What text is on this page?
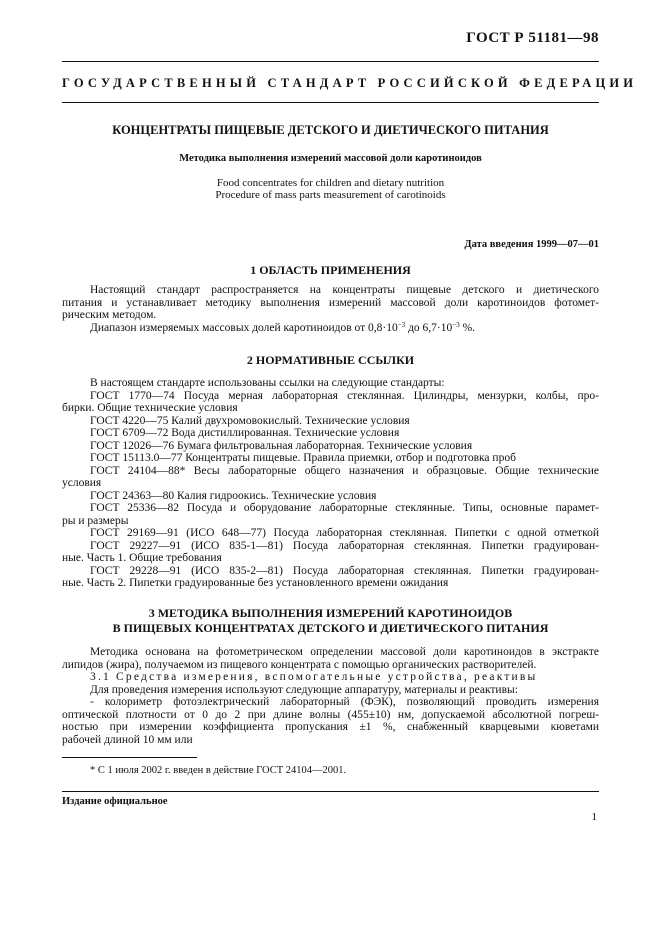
ГОСТ Р 51181—98
ГОСУДАРСТВЕННЫЙ СТАНДАРТ РОССИЙСКОЙ ФЕДЕРАЦИИ
КОНЦЕНТРАТЫ ПИЩЕВЫЕ ДЕТСКОГО И ДИЕТИЧЕСКОГО ПИТАНИЯ
Методика выполнения измерений массовой доли каротиноидов
Food concentrates for children and dietary nutrition
Procedure of mass parts measurement of carotinoids
Дата введения 1999—07—01
1 ОБЛАСТЬ ПРИМЕНЕНИЯ
Настоящий стандарт распространяется на концентраты пищевые детского и диетического
питания и устанавливает методику выполнения измерений массовой доли каротиноидов фотомет-
рическим методом.
Диапазон измеряемых массовых долей каротиноидов от $0,8\cdot 10^{-3}$ до $6,7\cdot 10^{-3}$ %.
2 НОРМАТИВНЫЕ ССЫЛКИ
В настоящем стандарте использованы ссылки на следующие стандарты:
ГОСТ 1770—74 Посуда мерная лабораторная стеклянная. Цилиндры, мензурки, колбы, про-
бирки. Общие технические условия
ГОСТ 4220—75 Калий двухромовокислый. Технические условия
ГОСТ 6709—72 Вода дистиллированная. Технические условия
ГОСТ 12026—76 Бумага фильтровальная лабораторная. Технические условия
ГОСТ 15113.0—77 Концентраты пищевые. Правила приемки, отбор и подготовка проб
ГОСТ 24104—88* Весы лабораторные общего назначения и образцовые. Общие технические
условия
ГОСТ 24363—80 Калия гидроокись. Технические условия
ГОСТ 25336—82 Посуда и оборудование лабораторные стеклянные. Типы, основные парамет-
ры и размеры
ГОСТ 29169—91 (ИСО 648—77) Посуда лабораторная стеклянная. Пипетки с одной отметкой
ГОСТ 29227—91 (ИСО 835-1—81) Посуда лабораторная стеклянная. Пипетки градуирован-
ные. Часть 1. Общие требования
ГОСТ 29228—91 (ИСО 835-2—81) Посуда лабораторная стеклянная. Пипетки градуирован-
ные. Часть 2. Пипетки градуированные без установленного времени ожидания
3 МЕТОДИКА ВЫПОЛНЕНИЯ ИЗМЕРЕНИЙ КАРОТИНОИДОВ
В ПИЩЕВЫХ КОНЦЕНТРАТАХ ДЕТСКОГО И ДИЕТИЧЕСКОГО ПИТАНИЯ
Методика основана на фотометрическом определении массовой доли каротиноидов в экстракте
липидов (жира), получаемом из пищевого концентрата с помощью органических растворителей.
3.1 Средства измерения, вспомогательные устройства, реактивы
Для проведения измерения используют следующие аппаратуру, материалы и реактивы:
- колориметр фотоэлектрический лабораторный (ФЭК), позволяющий проводить измерения
оптической плотности от 0 до 2 при длине волны (455±10) нм, допускаемой абсолютной погреш-
ностью при измерении коэффициента пропускания ±1 %, снабженный кварцевыми кюветами
рабочей длиной 10 мм или
* С 1 июля 2002 г. введен в действие ГОСТ 24104—2001.
Издание официальное
1
